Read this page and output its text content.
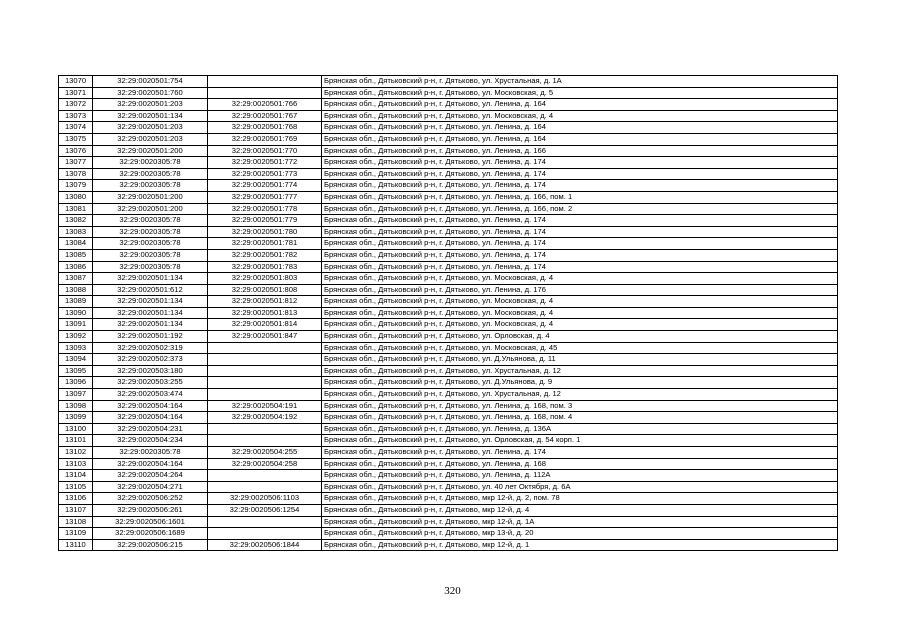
13070	32:29:0020501:754		Брянская обл., Дятьковский р-н, г. Дятьково, ул. Хрустальная, д. 1А
13071	32:29:0020501:760		Брянская обл., Дятьковский р-н, г. Дятьково, ул. Московская, д. 5
13072	32:29:0020501:203	32:29:0020501:766	Брянская обл., Дятьковский р-н, г. Дятьково, ул. Ленина, д. 164
13073	32:29:0020501:134	32:29:0020501:767	Брянская обл., Дятьковский р-н, г. Дятьково, ул. Московская, д. 4
13074	32:29:0020501:203	32:29:0020501:768	Брянская обл., Дятьковский р-н, г. Дятьково, ул. Ленина, д. 164
13075	32:29:0020501:203	32:29:0020501:769	Брянская обл., Дятьковский р-н, г. Дятьково, ул. Ленина, д. 164
13076	32:29:0020501:200	32:29:0020501:770	Брянская обл., Дятьковский р-н, г. Дятьково, ул. Ленина, д. 166
13077	32:29:0020305:78	32:29:0020501:772	Брянская обл., Дятьковский р-н, г. Дятьково, ул. Ленина, д. 174
13078	32:29:0020305:78	32:29:0020501:773	Брянская обл., Дятьковский р-н, г. Дятьково, ул. Ленина, д. 174
13079	32:29:0020305:78	32:29:0020501:774	Брянская обл., Дятьковский р-н, г. Дятьково, ул. Ленина, д. 174
13080	32:29:0020501:200	32:29:0020501:777	Брянская обл., Дятьковский р-н, г. Дятьково, ул. Ленина, д. 166, пом. 1
13081	32:29:0020501:200	32:29:0020501:778	Брянская обл., Дятьковский р-н, г. Дятьково, ул. Ленина, д. 166, пом. 2
13082	32:29:0020305:78	32:29:0020501:779	Брянская обл., Дятьковский р-н, г. Дятьково, ул. Ленина, д. 174
13083	32:29:0020305:78	32:29:0020501:780	Брянская обл., Дятьковский р-н, г. Дятьково, ул. Ленина, д. 174
13084	32:29:0020305:78	32:29:0020501:781	Брянская обл., Дятьковский р-н, г. Дятьково, ул. Ленина, д. 174
13085	32:29:0020305:78	32:29:0020501:782	Брянская обл., Дятьковский р-н, г. Дятьково, ул. Ленина, д. 174
13086	32:29:0020305:78	32:29:0020501:783	Брянская обл., Дятьковский р-н, г. Дятьково, ул. Ленина, д. 174
13087	32:29:0020501:134	32:29:0020501:803	Брянская обл., Дятьковский р-н, г. Дятьково, ул. Московская, д. 4
13088	32:29:0020501:612	32:29:0020501:808	Брянская обл., Дятьковский р-н, г. Дятьково, ул. Ленина, д. 176
13089	32:29:0020501:134	32:29:0020501:812	Брянская обл., Дятьковский р-н, г. Дятьково, ул. Московская, д. 4
13090	32:29:0020501:134	32:29:0020501:813	Брянская обл., Дятьковский р-н, г. Дятьково, ул. Московская, д. 4
13091	32:29:0020501:134	32:29:0020501:814	Брянская обл., Дятьковский р-н, г. Дятьково, ул. Московская, д. 4
13092	32:29:0020501:192	32:29:0020501:847	Брянская обл., Дятьковский р-н, г. Дятьково, ул. Орловская, д. 4
13093	32:29:0020502:319		Брянская обл., Дятьковский р-н, г. Дятьково, ул. Московская, д. 45
13094	32:29:0020502:373		Брянская обл., Дятьковский р-н, г. Дятьково, ул. Д.Ульянова, д. 11
13095	32:29:0020503:180		Брянская обл., Дятьковский р-н, г. Дятьково, ул. Хрустальная, д. 12
13096	32:29:0020503:255		Брянская обл., Дятьковский р-н, г. Дятьково, ул. Д.Ульянова, д. 9
13097	32:29:0020503:474		Брянская обл., Дятьковский р-н, г. Дятьково, ул. Хрустальная, д. 12
13098	32:29:0020504:164	32:29:0020504:191	Брянская обл., Дятьковский р-н, г. Дятьково, ул. Ленина, д. 168, пом. 3
13099	32:29:0020504:164	32:29:0020504:192	Брянская обл., Дятьковский р-н, г. Дятьково, ул. Ленина, д. 168, пом. 4
13100	32:29:0020504:231		Брянская обл., Дятьковский р-н, г. Дятьково, ул. Ленина, д. 136А
13101	32:29:0020504:234		Брянская обл., Дятьковский р-н, г. Дятьково, ул. Орловская, д. 54 корп. 1
13102	32:29:0020305:78	32:29:0020504:255	Брянская обл., Дятьковский р-н, г. Дятьково, ул. Ленина, д. 174
13103	32:29:0020504:164	32:29:0020504:258	Брянская обл., Дятьковский р-н, г. Дятьково, ул. Ленина, д. 168
13104	32:29:0020504:264		Брянская обл., Дятьковский р-н, г. Дятьково, ул. Ленина, д. 112А
13105	32:29:0020504:271		Брянская обл., Дятьковский р-н, г. Дятьково, ул. 40 лет Октября, д. 6А
13106	32:29:0020506:252	32:29:0020506:1103	Брянская обл., Дятьковский р-н, г. Дятьково, мкр 12-й, д. 2, пом. 78
13107	32:29:0020506:261	32:29:0020506:1254	Брянская обл., Дятьковский р-н, г. Дятьково, мкр 12-й, д. 4
13108	32:29:0020506:1601		Брянская обл., Дятьковский р-н, г. Дятьково, мкр 12-й, д. 1А
13109	32:29:0020506:1689		Брянская обл., Дятьковский р-н, г. Дятьково, мкр 13-й, д. 20
13110	32:29:0020506:215	32:29:0020506:1844	Брянская обл., Дятьковский р-н, г. Дятьково, мкр 12-й, д. 1
320
